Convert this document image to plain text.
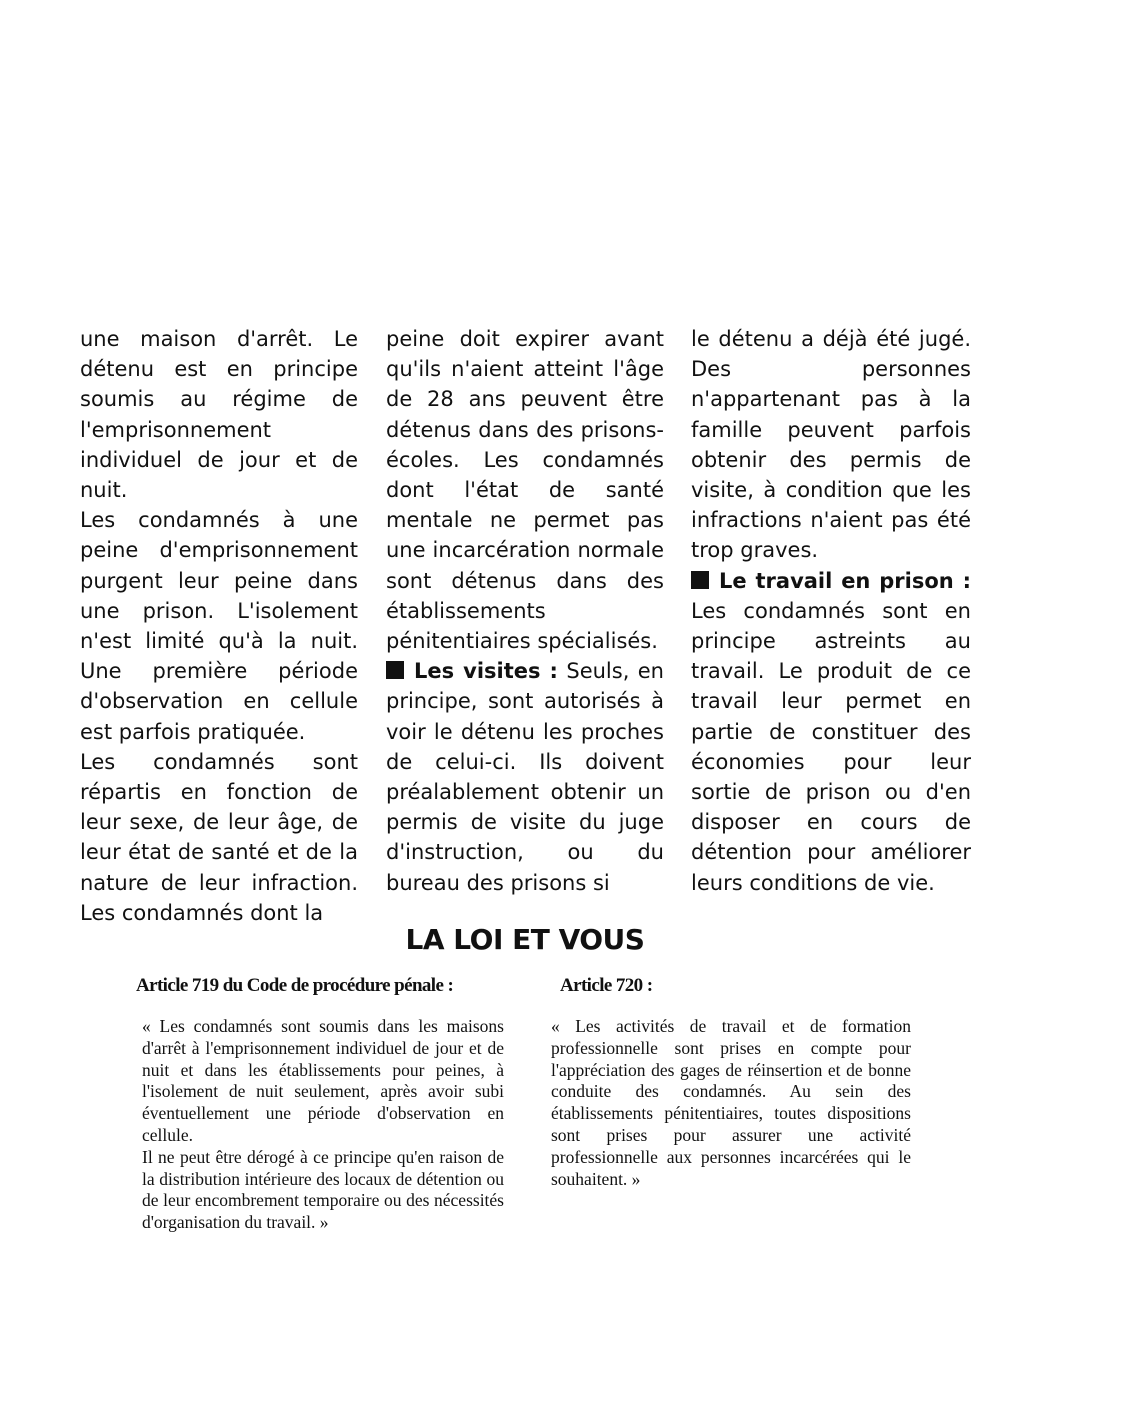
une maison d'arrêt. Le détenu est en principe soumis au régime de l'emprisonnement individuel de jour et de nuit.

Les condamnés à une peine d'emprisonnement purgent leur peine dans une prison. L'isolement n'est limité qu'à la nuit. Une première période d'observation en cellule est parfois pratiquée.

Les condamnés sont répartis en fonction de leur sexe, de leur âge, de leur état de santé et de la nature de leur infraction. Les condamnés dont la

peine doit expirer avant qu'ils n'aient atteint l'âge de 28 ans peuvent être détenus dans des prisons-écoles. Les condamnés dont l'état de santé mentale ne permet pas une incarcération normale sont détenus dans des établissements pénitentiaires spécialisés.

Les visites : Seuls, en principe, sont autorisés à voir le détenu les proches de celui-ci. Ils doivent préalablement obtenir un permis de visite du juge d'instruction, ou du bureau des prisons si

le détenu a déjà été jugé. Des personnes n'appartenant pas à la famille peuvent parfois obtenir des permis de visite, à condition que les infractions n'aient pas été trop graves.

Le travail en prison : Les condamnés sont en principe astreints au travail. Le produit de ce travail leur permet en partie de constituer des économies pour leur sortie de prison ou d'en disposer en cours de détention pour améliorer leurs conditions de vie.

LA LOI ET VOUS
Article 719 du Code de procédure pénale :

« Les condamnés sont soumis dans les maisons d'arrêt à l'emprisonnement individuel de jour et de nuit et dans les établissements pour peines, à l'isolement de nuit seulement, après avoir subi éventuellement une période d'observation en cellule.

Il ne peut être dérogé à ce principe qu'en raison de la distribution intérieure des locaux de détention ou de leur encombrement temporaire ou des nécessités d'organisation du travail. »

Article 720 :

« Les activités de travail et de formation professionnelle sont prises en compte pour l'appréciation des gages de réinsertion et de bonne conduite des condamnés. Au sein des établissements pénitentiaires, toutes dispositions sont prises pour assurer une activité professionnelle aux personnes incarcérées qui le souhaitent. »
